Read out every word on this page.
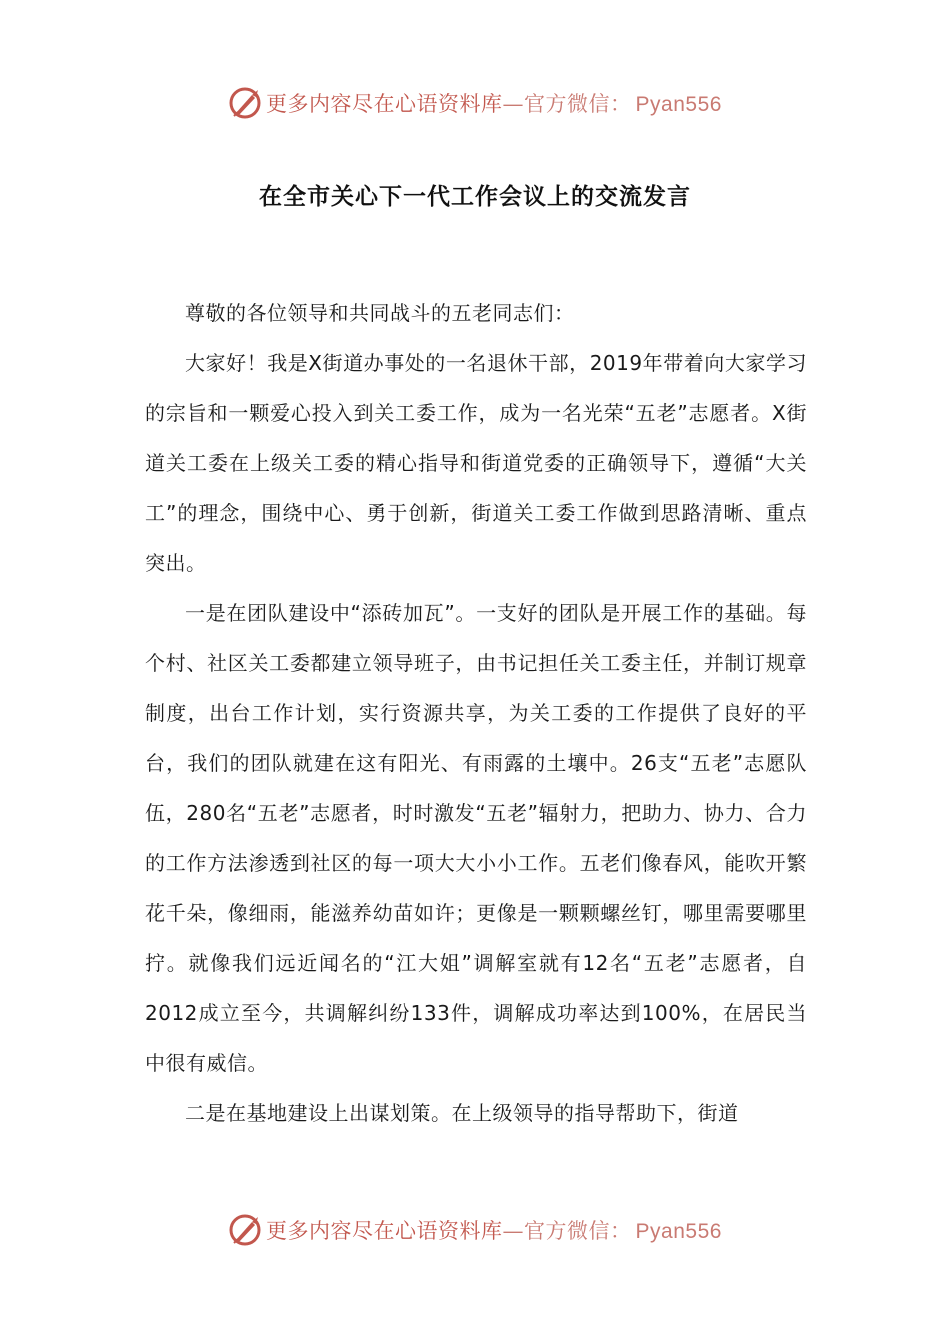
更多内容尽在心语资料库—官方微信： Pyan556
在全市关心下一代工作会议上的交流发言

尊敬的各位领导和共同战斗的五老同志们：

大家好！我是X街道办事处的一名退休干部，2019年带着向大家学习的宗旨和一颗爱心投入到关工委工作，成为一名光荣“五老”志愿者。X街道关工委在上级关工委的精心指导和街道党委的正确领导下，遵循“大关工”的理念，围绕中心、勇于创新，街道关工委工作做到思路清晰、重点突出。

一是在团队建设中“添砖加瓦”。一支好的团队是开展工作的基础。每个村、社区关工委都建立领导班子，由书记担任关工委主任，并制订规章制度，出台工作计划，实行资源共享，为关工委的工作提供了良好的平台，我们的团队就建在这有阳光、有雨露的土壤中。26支“五老”志愿队伍，280名“五老”志愿者，时时激发“五老”辐射力，把助力、协力、合力的工作方法渗透到社区的每一项大大小小工作。五老们像春风，能吹开繁花千朵，像细雨，能滋养幼苗如许；更像是一颗颗螺丝钉，哪里需要哪里拧。就像我们远近闻名的“江大姐”调解室就有12名“五老”志愿者，自2012成立至今，共调解纠纷133件，调解成功率达到100%，在居民当中很有威信。

二是在基地建设上出谋划策。在上级领导的指导帮助下，街道

更多内容尽在心语资料库—官方微信： Pyan556
